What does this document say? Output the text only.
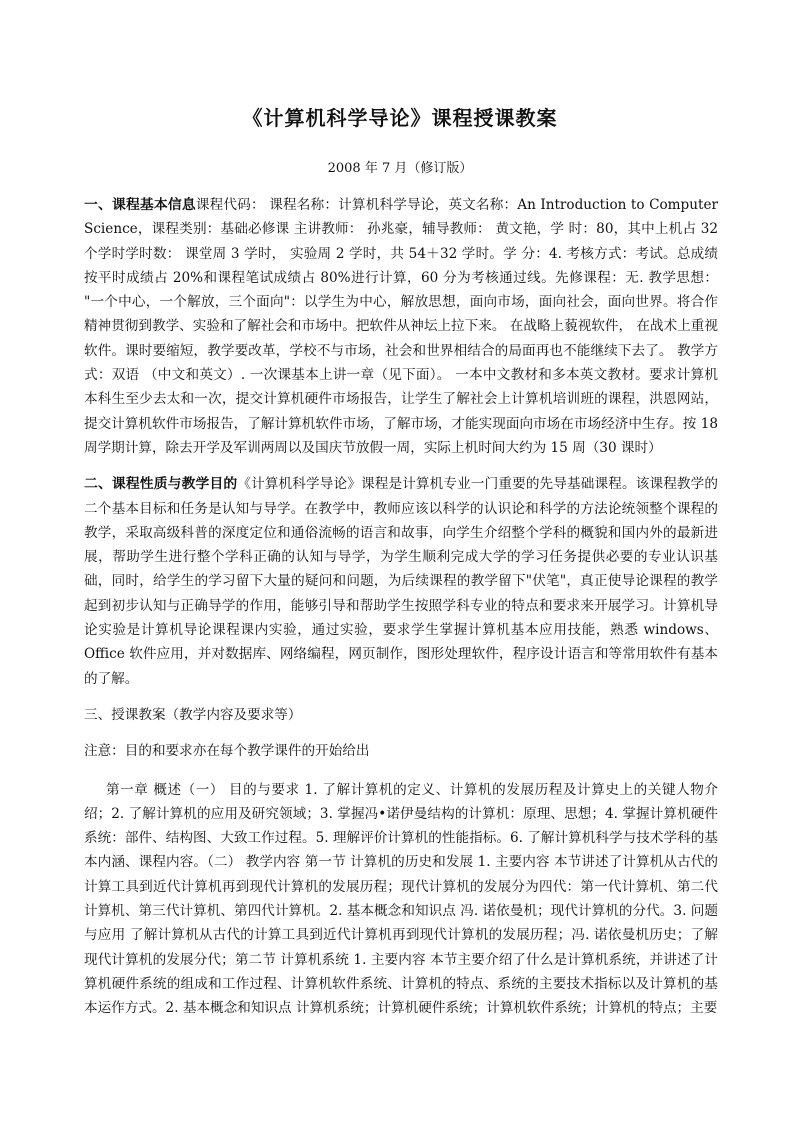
《计算机科学导论》课程授课教案
2008 年 7 月（修订版）

一、课程基本信息课程代码： 课程名称：计算机科学导论，英文名称：An Introduction to Computer Science，课程类别：基础必修课 主讲教师： 孙兆豪，辅导教师： 黄文艳，学 时：80，其中上机占 32 个学时学时数： 课堂周 3 学时， 实验周 2 学时，共 54＋32 学时。学 分：4. 考核方式：考试。总成绩按平时成绩占 20%和课程笔试成绩占 80%进行计算，60 分为考核通过线。先修课程：无. 教学思想： "一个中心，一个解放，三个面向"：以学生为中心，解放思想，面向市场，面向社会，面向世界。将合作精神贯彻到教学、实验和了解社会和市场中。把软件从神坛上拉下来。 在战略上藐视软件， 在战术上重视软件。课时要缩短，教学要改革，学校不与市场，社会和世界相结合的局面再也不能继续下去了。 教学方式：双语 （中文和英文）. 一次课基本上讲一章（见下面）。 一本中文教材和多本英文教材。要求计算机本科生至少去太和一次，提交计算机硬件市场报告，让学生了解社会上计算机培训班的课程，洪恩网站，提交计算机软件市场报告，了解计算机软件市场，了解市场，才能实现面向市场在市场经济中生存。按 18 周学期计算，除去开学及军训两周以及国庆节放假一周，实际上机时间大约为 15 周（30 课时）

二、课程性质与教学目的《计算机科学导论》课程是计算机专业一门重要的先导基础课程。该课程教学的二个基本目标和任务是认知与导学。在教学中，教师应该以科学的认识论和科学的方法论统领整个课程的教学，采取高级科普的深度定位和通俗流畅的语言和故事，向学生介绍整个学科的概貌和国内外的最新进展，帮助学生进行整个学科正确的认知与导学，为学生顺利完成大学的学习任务提供必要的专业认识基础，同时，给学生的学习留下大量的疑问和问题，为后续课程的教学留下"伏笔"，真正使导论课程的教学起到初步认知与正确导学的作用，能够引导和帮助学生按照学科专业的特点和要求来开展学习。计算机导论实验是计算机导论课程课内实验，通过实验，要求学生掌握计算机基本应用技能，熟悉 windows、Office 软件应用，并对数据库、网络编程，网页制作，图形处理软件，程序设计语言和等常用软件有基本的了解。

三、授课教案（教学内容及要求等）

注意：目的和要求亦在每个教学课件的开始给出

第一章 概述（一） 目的与要求 1. 了解计算机的定义、计算机的发展历程及计算史上的关键人物介绍；2. 了解计算机的应用及研究领域；3. 掌握冯•诺伊曼结构的计算机：原理、思想；4. 掌握计算机硬件系统：部件、结构图、大致工作过程。5. 理解评价计算机的性能指标。6. 了解计算机科学与技术学科的基本内涵、课程内容。（二） 教学内容 第一节 计算机的历史和发展 1. 主要内容 本节讲述了计算机从古代的计算工具到近代计算机再到现代计算机的发展历程；现代计算机的发展分为四代：第一代计算机、第二代计算机、第三代计算机、第四代计算机。2. 基本概念和知识点 冯. 诺依曼机；现代计算机的分代。3. 问题与应用 了解计算机从古代的计算工具到近代计算机再到现代计算机的发展历程；冯. 诺依曼机历史；了解现代计算机的发展分代；第二节 计算机系统 1. 主要内容 本节主要介绍了什么是计算机系统，并讲述了计算机硬件系统的组成和工作过程、计算机软件系统、计算机的特点、系统的主要技术指标以及计算机的基本运作方式。2. 基本概念和知识点 计算机系统；计算机硬件系统；计算机软件系统；计算机的特点；主要
